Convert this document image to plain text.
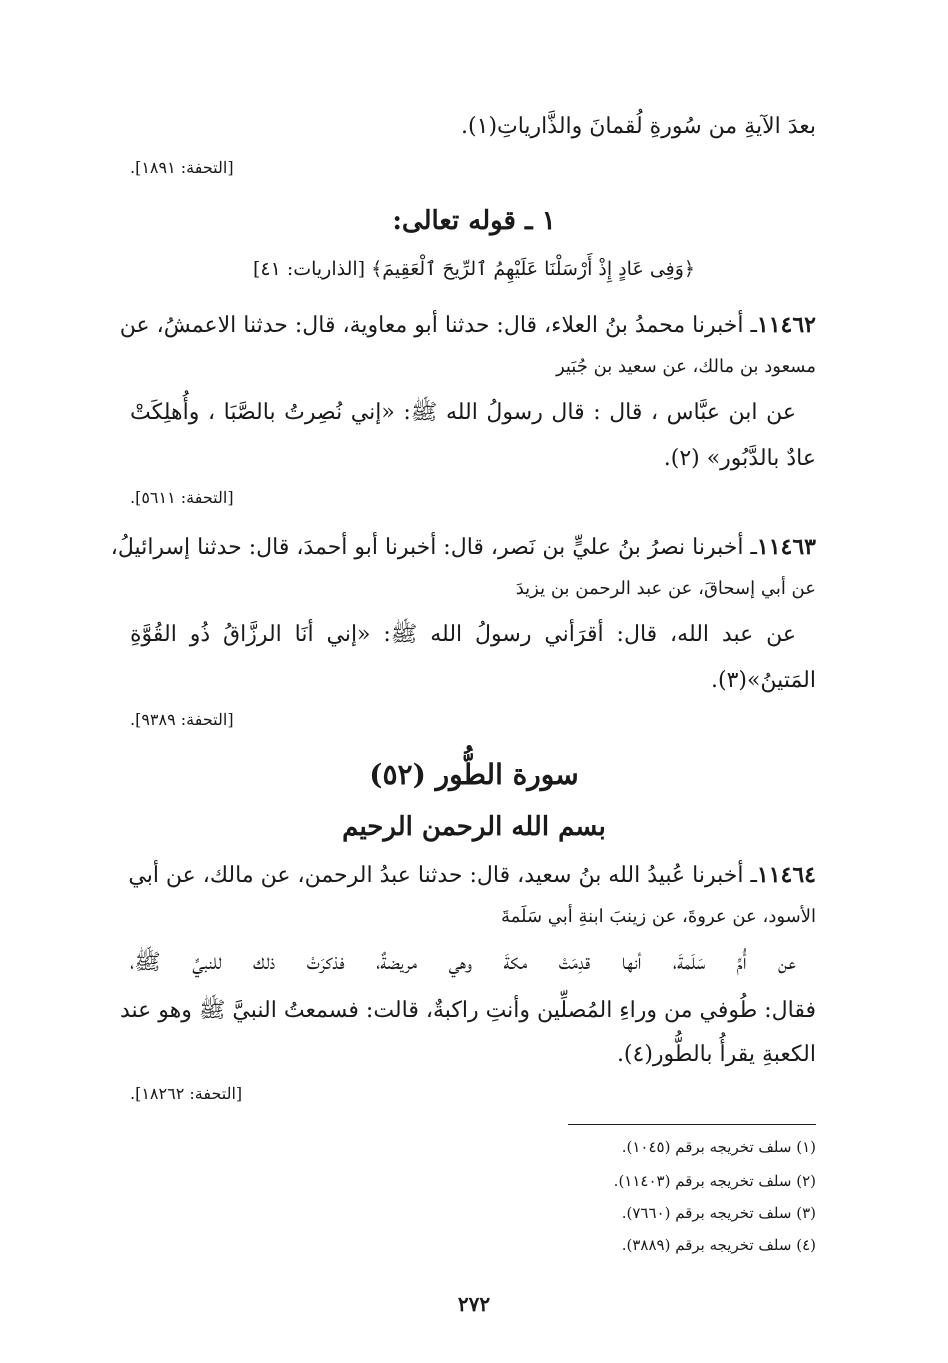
بعدَ الآيةِ من سُورةِ لُقمانَ والذَّارياتِ(١).
[التحفة: ١٨٩١].
١ ـ قوله تعالى:
﴿وَفِى عَادٍ إِذْ أَرْسَلْنَا عَلَيْهِمُ ٱلرِّيحَ ٱلْعَقِيمَ﴾ [الذاريات: ٤١]
١١٤٦٢ـ أخبرنا محمدُ بنُ العلاء، قال: حدثنا أبو معاوية، قال: حدثنا الاعمشُ، عن
مسعود بن مالك، عن سعيد بن جُبَير
عن ابن عبَّاس ، قال : قال رسولُ الله ﷺ: «إني نُصِرتُ بالصَّبَا ، وأُهلِكَتْ
عادٌ بالدَّبُور» (٢).
[التحفة: ٥٦١١].
١١٤٦٣ـ أخبرنا نصرُ بنُ عليٍّ بن نَصر، قال: أخبرنا أبو أحمدَ، قال: حدثنا إسرائيلُ،
عن أبي إسحاقَ، عن عبد الرحمن بن يزيدَ
عن عبد الله، قال: أقرَأني رسولُ الله ﷺ: «إني أنَا الرزَّاقُ ذُو القُوَّةِ
المَتينُ»(٣).
[التحفة: ٩٣٨٩].
سورة الطُّور (٥٢)
بسم الله الرحمن الرحيم
١١٤٦٤ـ أخبرنا عُبيدُ الله بنُ سعيد، قال: حدثنا عبدُ الرحمن، عن مالك، عن أبي
الأسود، عن عروةَ، عن زينبَ ابنةِ أبي سَلَمةَ
عن أُمِّ سَلَمةَ، أنها قدِمَتْ مكةَ وهي مريضةٌ، فذكرَتْ ذلك للنبيِّ ﷺ،
فقال: طُوفي من وراءِ المُصلِّين وأنتِ راكبةٌ، قالت: فسمعتُ النبيَّ ﷺ وهو عند
الكعبةِ يقرأُ بالطُّور(٤).
[التحفة: ١٨٢٦٢].
(١) سلف تخريجه برقم (١٠٤٥).
(٢) سلف تخريجه برقم (١١٤٠٣).
(٣) سلف تخريجه برقم (٧٦٦٠).
(٤) سلف تخريجه برقم (٣٨٨٩).
٢٧٢
